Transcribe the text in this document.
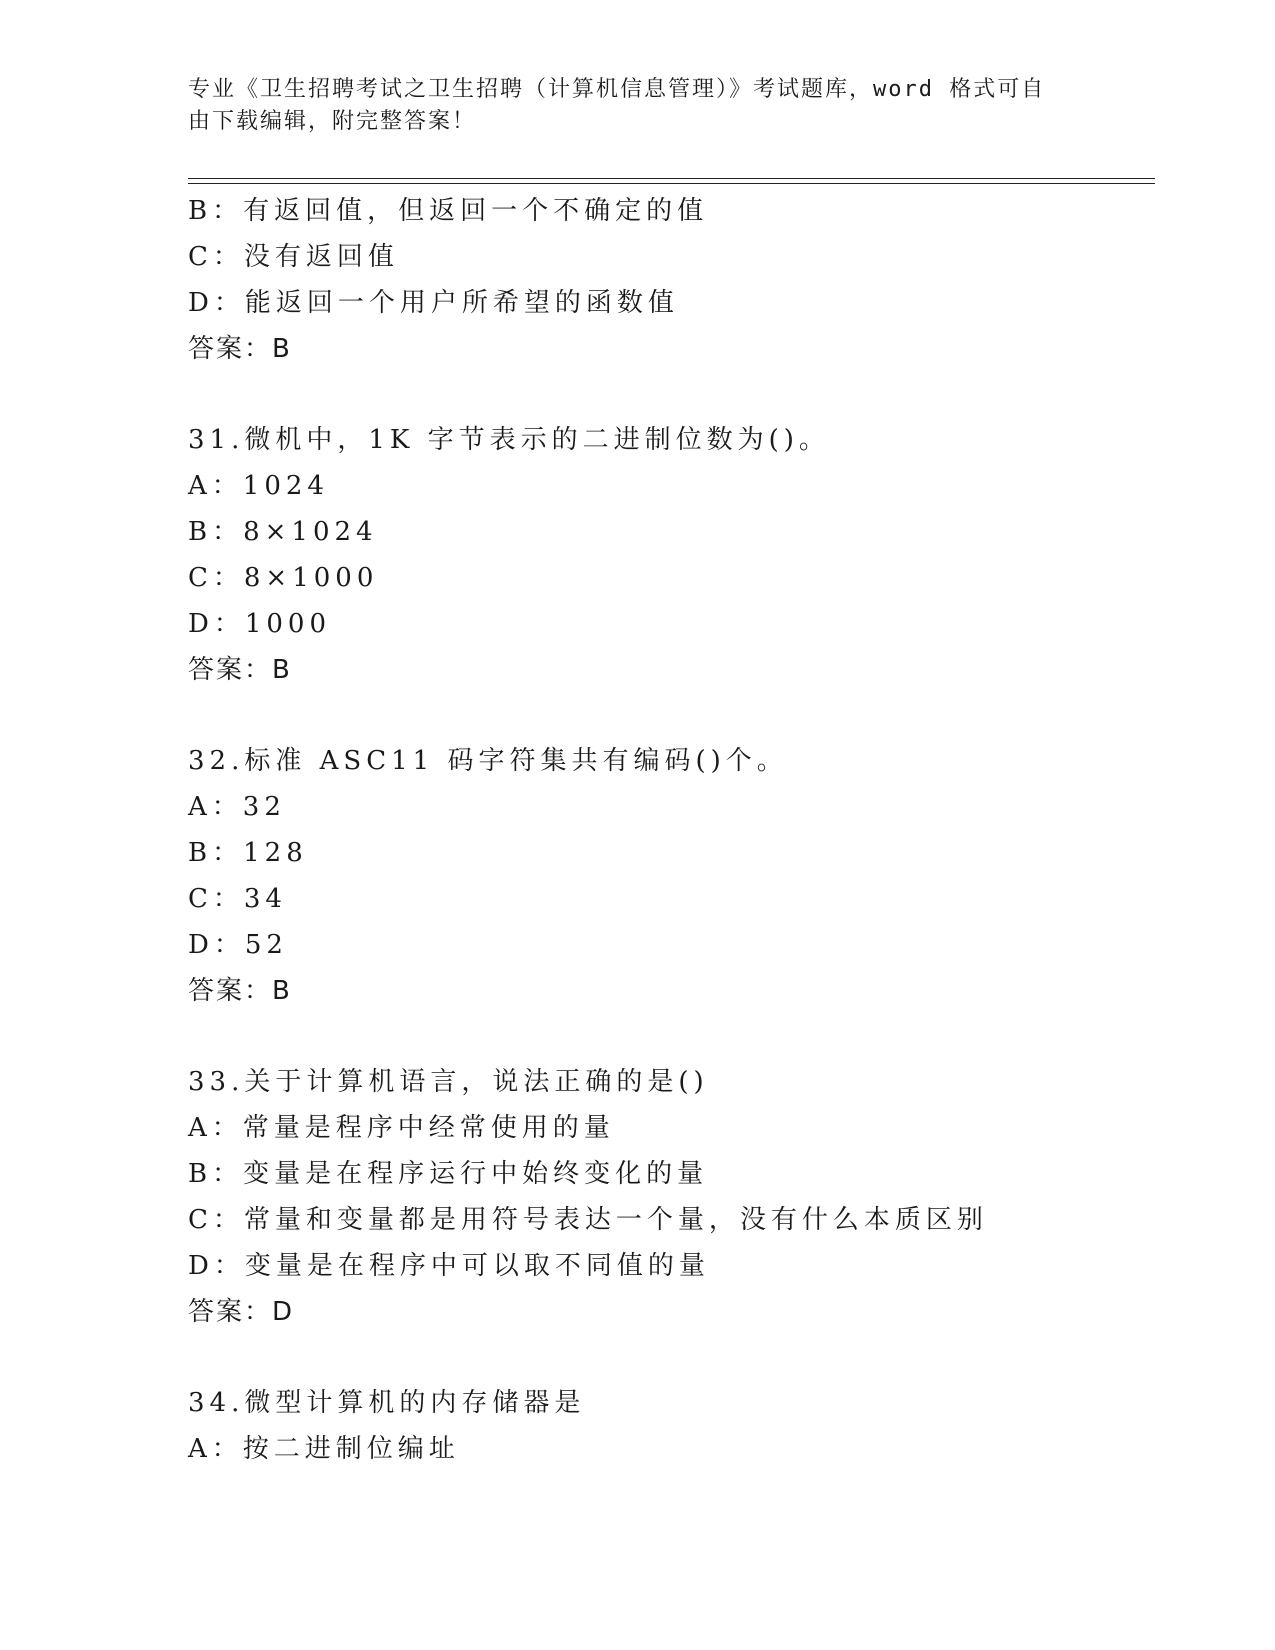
专业《卫生招聘考试之卫生招聘（计算机信息管理）》考试题库，word 格式可自
由下载编辑，附完整答案！
B：有返回值，但返回一个不确定的值
C：没有返回值
D：能返回一个用户所希望的函数值
答案：B
31.微机中，1K 字节表示的二进制位数为()。
A：1024
B：8×1024
C：8×1000
D：1000
答案：B
32.标准 ASC11 码字符集共有编码()个。
A：32
B：128
C：34
D：52
答案：B
33.关于计算机语言，说法正确的是()
A：常量是程序中经常使用的量
B：变量是在程序运行中始终变化的量
C：常量和变量都是用符号表达一个量，没有什么本质区别
D：变量是在程序中可以取不同值的量
答案：D
34.微型计算机的内存储器是
A：按二进制位编址
